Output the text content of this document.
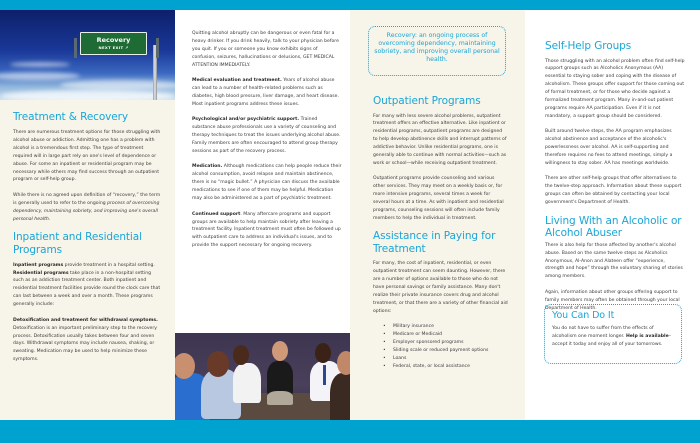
Recovery
NEXT EXIT ↗
Treatment & Recovery

There are numerous treatment options for those struggling with alcohol abuse or addiction. Admitting one has a problem with alcohol is a tremendous first step. The type of treatment required will in large part rely on one's level of dependence or abuse. For some an inpatient or residential program may be necessary while others may find success through an outpatient program or self-help group.

While there is no agreed upon definition of “recovery,” the term is generally used to refer to the ongoing process of overcoming dependency, maintaining sobriety, and improving one's overall personal health.

Inpatient and Residential Programs

Inpatient programs provide treatment in a hospital setting. Residential programs take place in a non-hospital setting such as an addiction treatment center. Both inpatient and residential treatment facilities provide round the clock care that can last between a week and over a month. These programs generally include:

Detoxification and treatment for withdrawal symptoms. Detoxification is an important preliminary step to the recovery process. Detoxification usually takes between four and seven days. Withdrawal symptoms may include nausea, shaking, or sweating. Medication may be used to help minimize these symptoms.

Quitting alcohol abruptly can be dangerous or even fatal for a heavy drinker. If you drink heavily, talk to your physician before you quit. If you or someone you know exhibits signs of confusion, seizures, hallucinations or delusions, GET MEDICAL ATTENTION IMMEDIATELY.

Medical evaluation and treatment. Years of alcohol abuse can lead to a number of health-related problems such as diabetes, high blood pressure, liver damage, and heart disease. Most inpatient programs address these issues.

Psychological and/or psychiatric support. Trained substance abuse professionals use a variety of counseling and therapy techniques to treat the issues underlying alcohol abuse. Family members are often encouraged to attend group therapy sessions as part of the recovery process.

Medication. Although medications can help people reduce their alcohol consumption, avoid relapse and maintain abstinence, there is no “magic bullet.” A physician can discuss the available medications to see if one of them may be helpful. Medication may also be administered as a part of psychiatric treatment.

Continued support. Many aftercare programs and support groups are available to help maintain sobriety after leaving a treatment facility. Inpatient treatment must often be followed up with outpatient care to address an individual's issues, and to provide the support necessary for ongoing recovery.

Outpatient Programs

For many with less severe alcohol problems, outpatient treatment offers an effective alternative. Like inpatient or residential programs, outpatient programs are designed to help develop abstinence skills and interrupt patterns of addictive behavior. Unlike residential programs, one is generally able to continue with normal activities—such as work or school—while receiving outpatient treatment.

Outpatient programs provide counseling and various other services. They may meet on a weekly basis or, for more intensive programs, several times a week for several hours at a time. As with inpatient and residential programs, counseling sessions will often include family members to help the individual in treatment.

Assistance in Paying for Treatment

For many, the cost of inpatient, residential, or even outpatient treatment can seem daunting. However, there are a number of options available to those who do not have personal savings or family assistance. Many don't realize their private insurance covers drug and alcohol treatment, or that there are a variety of other financial aid options:

• Military insurance
• Medicare or Medicaid
• Employer sponsored programs
• Sliding scale or reduced payment options
• Loans
• Federal, state, or local assistance
Recovery: an ongoing process of overcoming dependency, maintaining sobriety, and improving overall personal health.
Self-Help Groups

Those struggling with an alcohol problem often find self-help support groups such as Alcoholics Anonymous (AA) essential to staying sober and coping with the disease of alcoholism. These groups offer support for those coming out of formal treatment, or for those who decide against a formalized treatment program. Many in-and-out patient programs require AA participation. Even if it is not mandatory, a support group should be considered.

Built around twelve steps, the AA program emphasizes alcohol abstinence and acceptance of the alcoholic's powerlessness over alcohol. AA is self-supporting and therefore requires no fees to attend meetings, simply a willingness to stay sober. AA has meetings worldwide.

There are other self-help groups that offer alternatives to the twelve-step approach. Information about these support groups can often be obtained by contacting your local government's Department of Health.

Living With an Alcoholic or Alcohol Abuser

There is also help for those affected by another's alcohol abuse. Based on the same twelve steps as Alcoholics Anonymous, Al-Anon and Alateen offer “experience, strength and hope” through the voluntary sharing of stories among members.

Again, information about other groups offering support to family members may often be obtained through your local Department of Health.

You Can Do It

You do not have to suffer from the effects of alcoholism one moment longer. Help is available– accept it today and enjoy all of your tomorrows.
